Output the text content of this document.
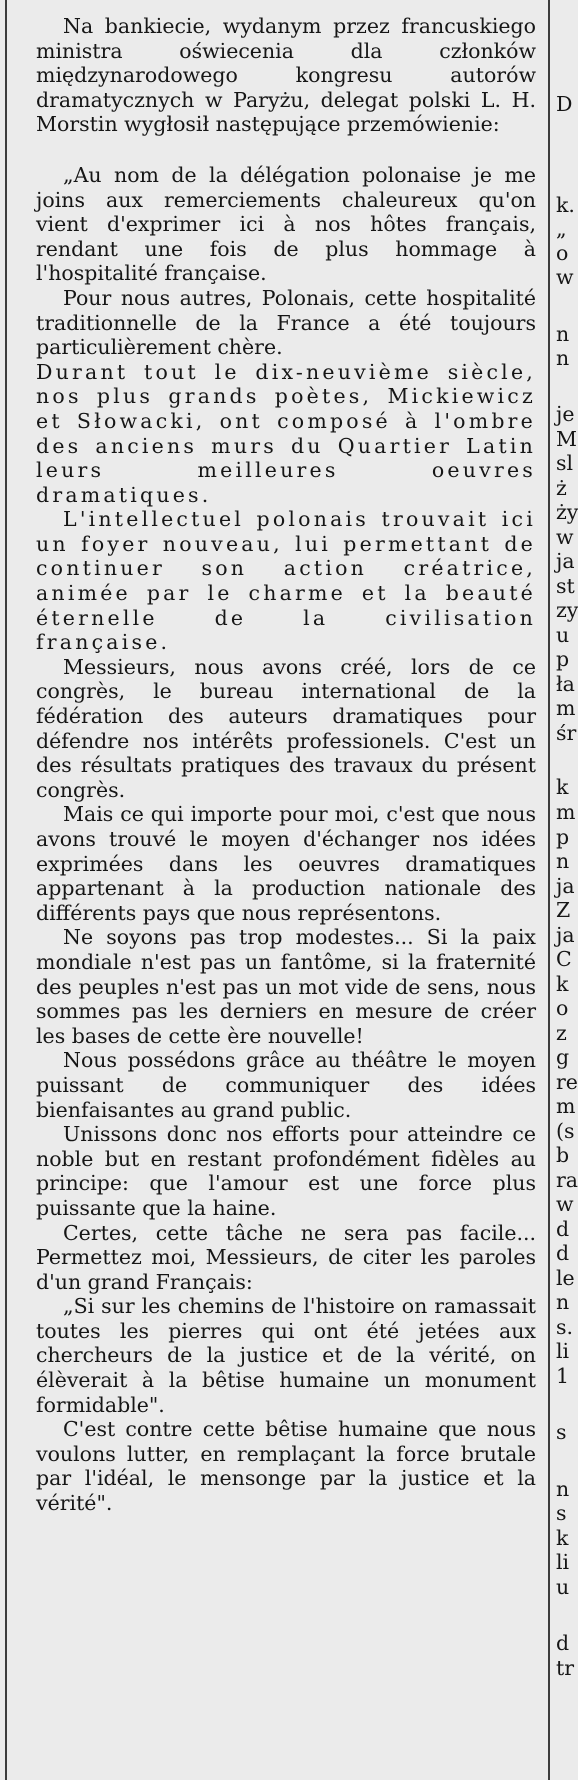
Na bankiecie, wydanym przez francuskiego ministra oświecenia dla członków międzynarodowego kongresu autorów dramatycznych w Paryżu, delegat polski L. H. Morstin wygłosił następujące przemówienie:

„Au nom de la délégation polonaise je me joins aux remerciements chaleureux qu'on vient d'exprimer ici à nos hôtes français, rendant une fois de plus hommage à l'hospitalité française.

Pour nous autres, Polonais, cette hospitalité traditionnelle de la France a été toujours particulièrement chère.

Durant tout le dix-neuvième siècle, nos plus grands poètes, Mickiewicz et Słowacki, ont composé à l'ombre des anciens murs du Quartier Latin leurs meilleures oeuvres dramatiques.

L'intellectuel polonais trouvait ici un foyer nouveau, lui permettant de continuer son action créatrice, animée par le charme et la beauté éternelle de la civilisation française.

Messieurs, nous avons créé, lors de ce congrès, le bureau international de la fédération des auteurs dramatiques pour défendre nos intérêts professionels. C'est un des résultats pratiques des travaux du présent congrès.

Mais ce qui importe pour moi, c'est que nous avons trouvé le moyen d'échanger nos idées exprimées dans les oeuvres dramatiques appartenant à la production nationale des différents pays que nous représentons.

Ne soyons pas trop modestes... Si la paix mondiale n'est pas un fantôme, si la fraternité des peuples n'est pas un mot vide de sens, nous sommes pas les derniers en mesure de créer les bases de cette ère nouvelle!

Nous possédons grâce au théâtre le moyen puissant de communiquer des idées bienfaisantes au grand public.

Unissons donc nos efforts pour atteindre ce noble but en restant profondément fidèles au principe: que l'amour est une force plus puissante que la haine.

Certes, cette tâche ne sera pas facile... Permettez moi, Messieurs, de citer les paroles d'un grand Français:

„Si sur les chemins de l'histoire on ramassait toutes les pierres qui ont été jetées aux chercheurs de la justice et de la vérité, on élèverait à la bêtise humaine un monument formidable".

C'est contre cette bêtise humaine que nous voulons lutter, en remplaçant la force brutale par l'idéal, le mensonge par la justice et la vérité".

D
k.
„
o
w
n
n
je
M
sl
ż
ży
w
ja
st
zy
u
p
ła
m
śr
k
m
p
n
ja
Z
ja
C
k
o
z
g
re
m
(s
b
ra
w
d
d
le
n
s.
li
1
s
n
s
k
li
u
d
tr
